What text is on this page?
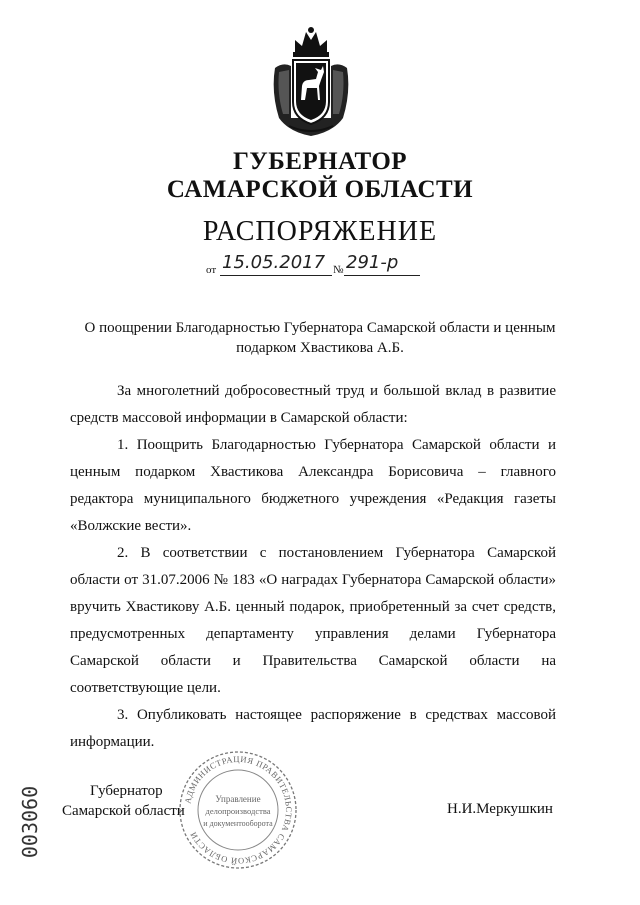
ГУБЕРНАТОР
САМАРСКОЙ ОБЛАСТИ
РАСПОРЯЖЕНИЕ
от 15.05.2017 № 291-р
О поощрении Благодарностью Губернатора Самарской области и ценным подарком Хвастикова А.Б.

За многолетний добросовестный труд и большой вклад в развитие средств массовой информации в Самарской области:

1. Поощрить Благодарностью Губернатора Самарской области и ценным подарком Хвастикова Александра Борисовича – главного редактора муниципального бюджетного учреждения «Редакция газеты «Волжские вести».

2. В соответствии с постановлением Губернатора Самарской области от 31.07.2006 № 183 «О наградах Губернатора Самарской области» вручить Хвастикову А.Б. ценный подарок, приобретенный за счет средств, предусмотренных департаменту управления делами Губернатора Самарской области и Правительства Самарской области на соответствующие цели.

3. Опубликовать настоящее распоряжение в средствах массовой информации.

Губернатор
Самарской области
АДМИНИСТРАЦИЯ ПРАВИТЕЛЬСТВА САМАРСКОЙ ОБЛАСТИ
Управление
делопроизводства
и документооборота
Н.И.Меркушкин
003060
